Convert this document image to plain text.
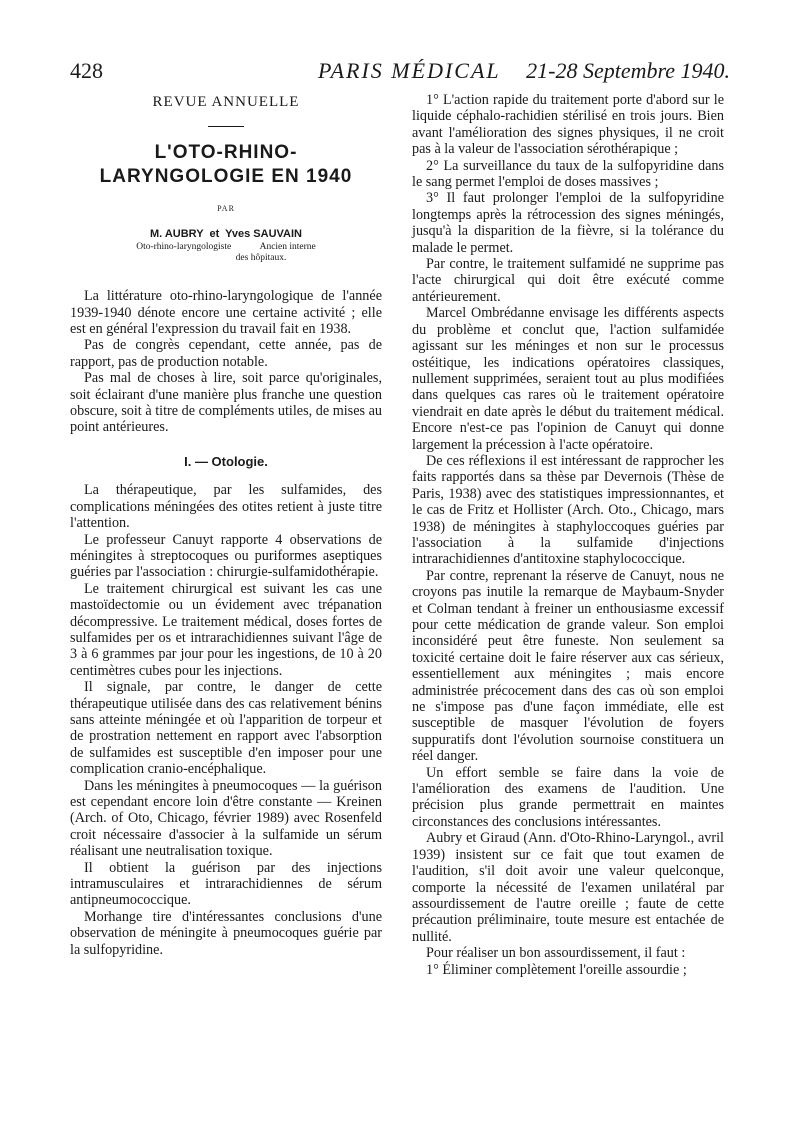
428	PARIS MÉDICAL 21-28 Septembre 1940.

REVUE ANNUELLE

L'OTO-RHINO-

LARYNGOLOGIE EN 1940

PAR

M. AUBRY  et  Yves SAUVAIN

Oto-rhino-laryngologiste	Ancien interne

des hôpitaux.

La littérature oto-rhino-laryngologique de l'année 1939-1940 dénote encore une certaine activité ; elle est en général l'expression du travail fait en 1938.

Pas de congrès cependant, cette année, pas de rapport, pas de production notable.

Pas mal de choses à lire, soit parce qu'originales, soit éclairant d'une manière plus franche une question obscure, soit à titre de compléments utiles, de mises au point antérieures.

I. — Otologie.

La thérapeutique, par les sulfamides, des complications méningées des otites retient à juste titre l'attention.

Le professeur Canuyt rapporte 4 observations de méningites à streptocoques ou puriformes aseptiques guéries par l'association : chirurgie-sulfamidothérapie.

Le traitement chirurgical est suivant les cas une mastoïdectomie ou un évidement avec trépanation décompressive. Le traitement médical, doses fortes de sulfamides per os et intrarachidiennes suivant l'âge de 3 à 6 grammes par jour pour les ingestions, de 10 à 20 centimètres cubes pour les injections.

Il signale, par contre, le danger de cette thérapeutique utilisée dans des cas relativement bénins sans atteinte méningée et où l'apparition de torpeur et de prostration nettement en rapport avec l'absorption de sulfamides est susceptible d'en imposer pour une complication cranio-encéphalique.

Dans les méningites à pneumocoques — la guérison est cependant encore loin d'être constante — Kreinen (Arch. of Oto, Chicago, février 1989) avec Rosenfeld croit nécessaire d'associer à la sulfamide un sérum réalisant une neutralisation toxique.

Il obtient la guérison par des injections intramusculaires et intrarachidiennes de sérum antipneumococcique.

Morhange tire d'intéressantes conclusions d'une observation de méningite à pneumocoques guérie par la sulfopyridine.

1° L'action rapide du traitement porte d'abord sur le liquide céphalo-rachidien stérilisé en trois jours. Bien avant l'amélioration des signes physiques, il ne croit pas à la valeur de l'association sérothérapique ;

2° La surveillance du taux de la sulfopyridine dans le sang permet l'emploi de doses massives ;

3° Il faut prolonger l'emploi de la sulfopyridine longtemps après la rétrocession des signes méningés, jusqu'à la disparition de la fièvre, si la tolérance du malade le permet.

Par contre, le traitement sulfamidé ne supprime pas l'acte chirurgical qui doit être exécuté comme antérieurement.

Marcel Ombrédanne envisage les différents aspects du problème et conclut que, l'action sulfamidée agissant sur les méninges et non sur le processus ostéitique, les indications opératoires classiques, nullement supprimées, seraient tout au plus modifiées dans quelques cas rares où le traitement opératoire viendrait en date après le début du traitement médical. Encore n'est-ce pas l'opinion de Canuyt qui donne largement la précession à l'acte opératoire.

De ces réflexions il est intéressant de rapprocher les faits rapportés dans sa thèse par Devernois (Thèse de Paris, 1938) avec des statistiques impressionnantes, et le cas de Fritz et Hollister (Arch. Oto., Chicago, mars 1938) de méningites à staphyloccoques guéries par l'association à la sulfamide d'injections intrarachidiennes d'antitoxine staphylococcique.

Par contre, reprenant la réserve de Canuyt, nous ne croyons pas inutile la remarque de Maybaum-Snyder et Colman tendant à freiner un enthousiasme excessif pour cette médication de grande valeur. Son emploi inconsidéré peut être funeste. Non seulement sa toxicité certaine doit le faire réserver aux cas sérieux, essentiellement aux méningites ; mais encore administrée précocement dans des cas où son emploi ne s'impose pas d'une façon immédiate, elle est susceptible de masquer l'évolution de foyers suppuratifs dont l'évolution sournoise constituera un réel danger.

Un effort semble se faire dans la voie de l'amélioration des examens de l'audition. Une précision plus grande permettrait en maintes circonstances des conclusions intéressantes.

Aubry et Giraud (Ann. d'Oto-Rhino-Laryngol., avril 1939) insistent sur ce fait que tout examen de l'audition, s'il doit avoir une valeur quelconque, comporte la nécessité de l'examen unilatéral par assourdissement de l'autre oreille ; faute de cette précaution préliminaire, toute mesure est entachée de nullité.

Pour réaliser un bon assourdissement, il faut :

1° Éliminer complètement l'oreille assourdie ;
